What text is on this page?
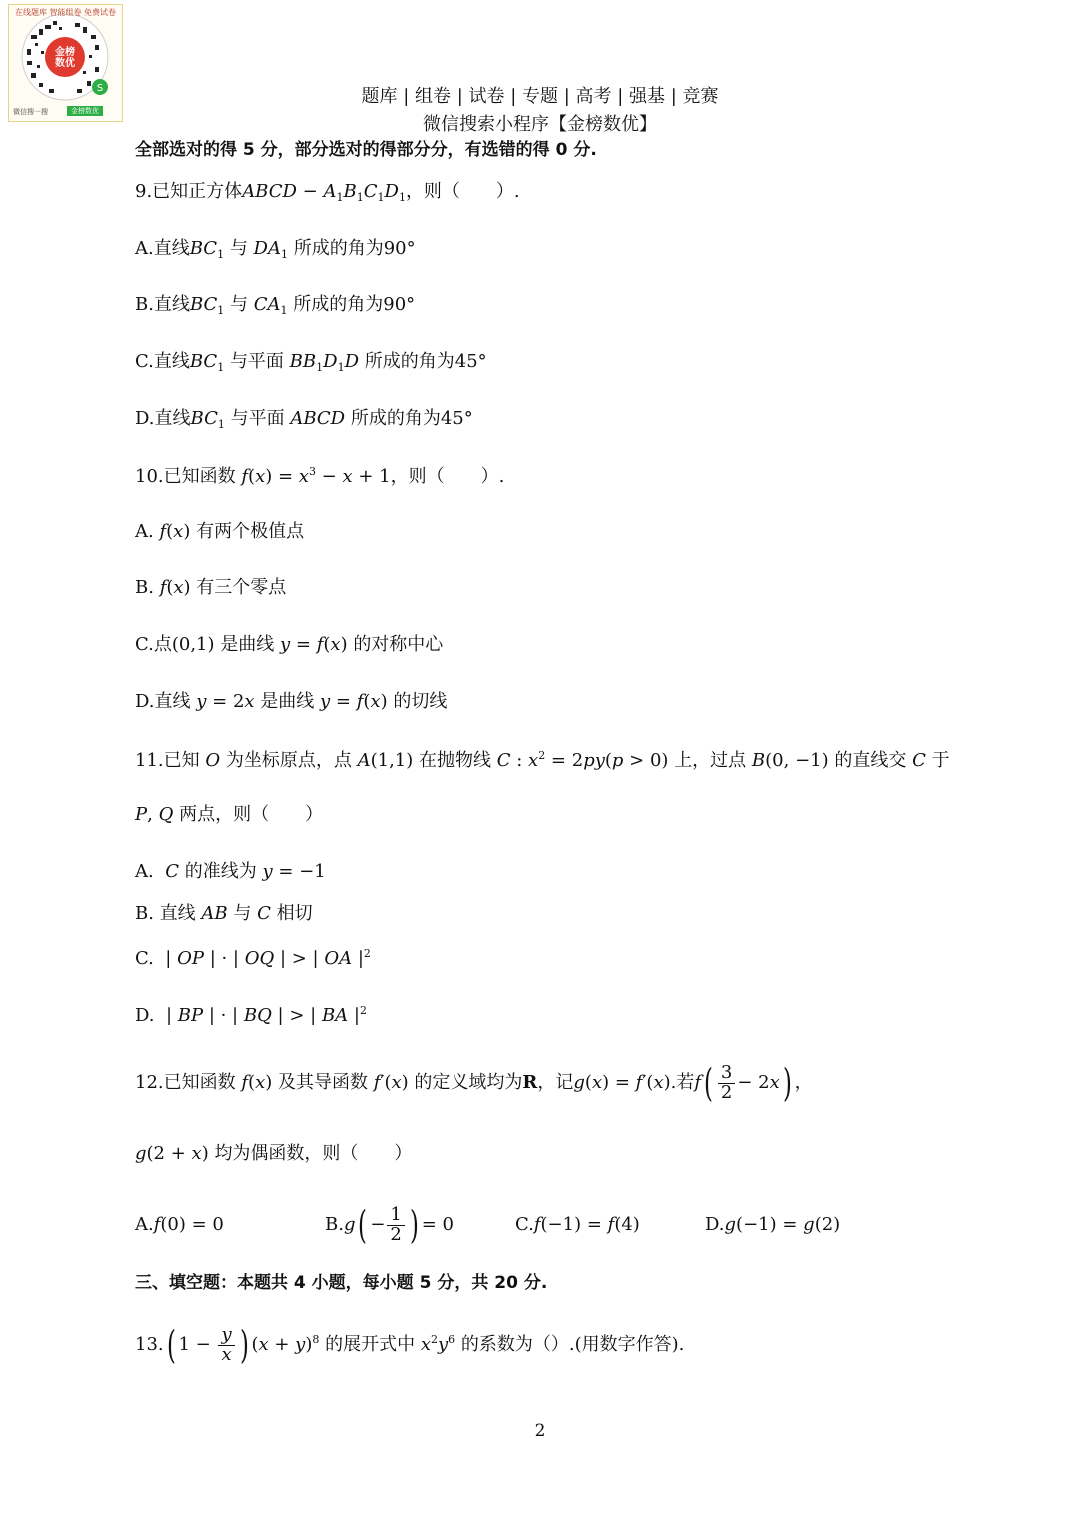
S
在线题库 智能组卷 免费试卷
金榜
数优
微信搜一搜	金榜数优
题库 | 组卷 | 试卷 | 专题 | 高考 | 强基 | 竞赛
微信搜索小程序【金榜数优】
全部选对的得 5 分，部分选对的得部分分，有选错的得 0 分.
9.已知正方体ABCD − $A_1B_1C_1D_1$，则（　　）.
A.直线$BC_1$ 与 $DA_1$ 所成的角为90°
B.直线$BC_1$ 与 $CA_1$ 所成的角为90°
C.直线$BC_1$ 与平面 $BB_1D_1D$ 所成的角为45°
D.直线$BC_1$ 与平面 ABCD 所成的角为45°
10.已知函数 $f(x) = x^3 - x + 1$，则（　　）.
A. f(x) 有两个极值点
B. f(x) 有三个零点
C.点(0,1) 是曲线 y = f(x) 的对称中心
D.直线 y = 2x 是曲线 y = f(x) 的切线
11.已知 O 为坐标原点，点 A(1,1) 在抛物线 C : $x^2 = 2py(p > 0)$ 上，过点 B(0, −1) 的直线交 C 于
P, Q 两点，则（　　）
A. C 的准线为 y = −1
B. 直线 AB 与 C 相切
C.  | OP | · | OQ | > | OA $|^2$
D.  | BP | · | BQ | > | BA $|^2$
12.已知函数 f(x) 及其导函数 f′(x) 的定义域均为R，记g(x) = f′(x).若$f( \frac{3}{2} - 2x)$ ，
g(2 + x) 均为偶函数，则（　　）
A.f(0) = 0	$B.g( - \frac{1}{2}$ ) = 0	C.f(−1) = f(4)	D.g(−1) = g(2)
三、填空题：本题共 4 小题，每小题 5 分，共 20 分.
13.( $1 - \frac{y}{x}$ ) $(x + y)^8$ 的展开式中 $x^2y^6$ 的系数为（）.(用数字作答).
2
